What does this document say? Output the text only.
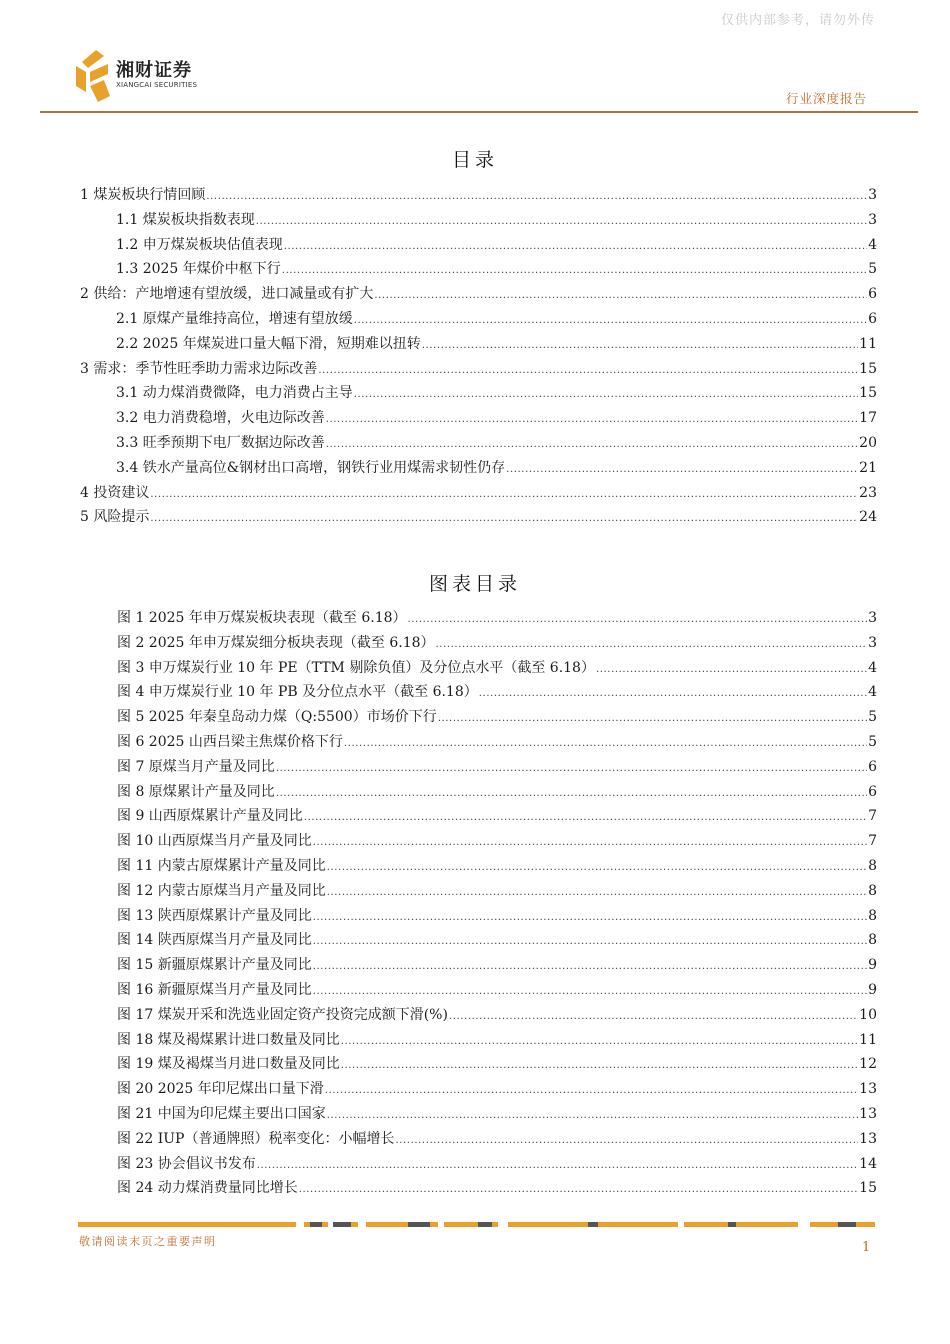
仅供内部参考，请勿外传
湘财证券
XIANGCAI SECURITIES
行业深度报告
目录
1 煤炭板块行情回顾 .....	3
1.1 煤炭板块指数表现 .....	3
1.2 申万煤炭板块估值表现 .....	4
1.3 2025 年煤价中枢下行 .....	5
2 供给：产地增速有望放缓，进口减量或有扩大 .....	6
2.1 原煤产量维持高位，增速有望放缓 .....	6
2.2 2025 年煤炭进口量大幅下滑，短期难以扭转 .....	11
3 需求：季节性旺季助力需求边际改善 .....	15
3.1 动力煤消费微降，电力消费占主导 .....	15
3.2 电力消费稳增，火电边际改善 .....	17
3.3 旺季预期下电厂数据边际改善 .....	20
3.4 铁水产量高位&钢材出口高增，钢铁行业用煤需求韧性仍存 .....	21
4 投资建议 .....	23
5 风险提示 .....	24
图表目录
图 1 2025 年申万煤炭板块表现（截至 6.18） .....	3
图 2 2025 年申万煤炭细分板块表现（截至 6.18） .....	3
图 3 申万煤炭行业 10 年 PE（TTM 剔除负值）及分位点水平（截至 6.18） .....	4
图 4 申万煤炭行业 10 年 PB 及分位点水平（截至 6.18） .....	4
图 5 2025 年秦皇岛动力煤（Q:5500）市场价下行 .....	5
图 6 2025 山西吕梁主焦煤价格下行 .....	5
图 7 原煤当月产量及同比 .....	6
图 8 原煤累计产量及同比 .....	6
图 9 山西原煤累计产量及同比 .....	7
图 10 山西原煤当月产量及同比 .....	7
图 11 内蒙古原煤累计产量及同比 .....	8
图 12 内蒙古原煤当月产量及同比 .....	8
图 13 陕西原煤累计产量及同比 .....	8
图 14 陕西原煤当月产量及同比 .....	8
图 15 新疆原煤累计产量及同比 .....	9
图 16 新疆原煤当月产量及同比 .....	9
图 17 煤炭开采和洗选业固定资产投资完成额下滑(%) .....	10
图 18 煤及褐煤累计进口数量及同比 .....	11
图 19 煤及褐煤当月进口数量及同比 .....	12
图 20 2025 年印尼煤出口量下滑 .....	13
图 21 中国为印尼煤主要出口国家 .....	13
图 22 IUP（普通牌照）税率变化：小幅增长 .....	13
图 23 协会倡议书发布 .....	14
图 24 动力煤消费量同比增长 .....	15
敬请阅读末页之重要声明	1
